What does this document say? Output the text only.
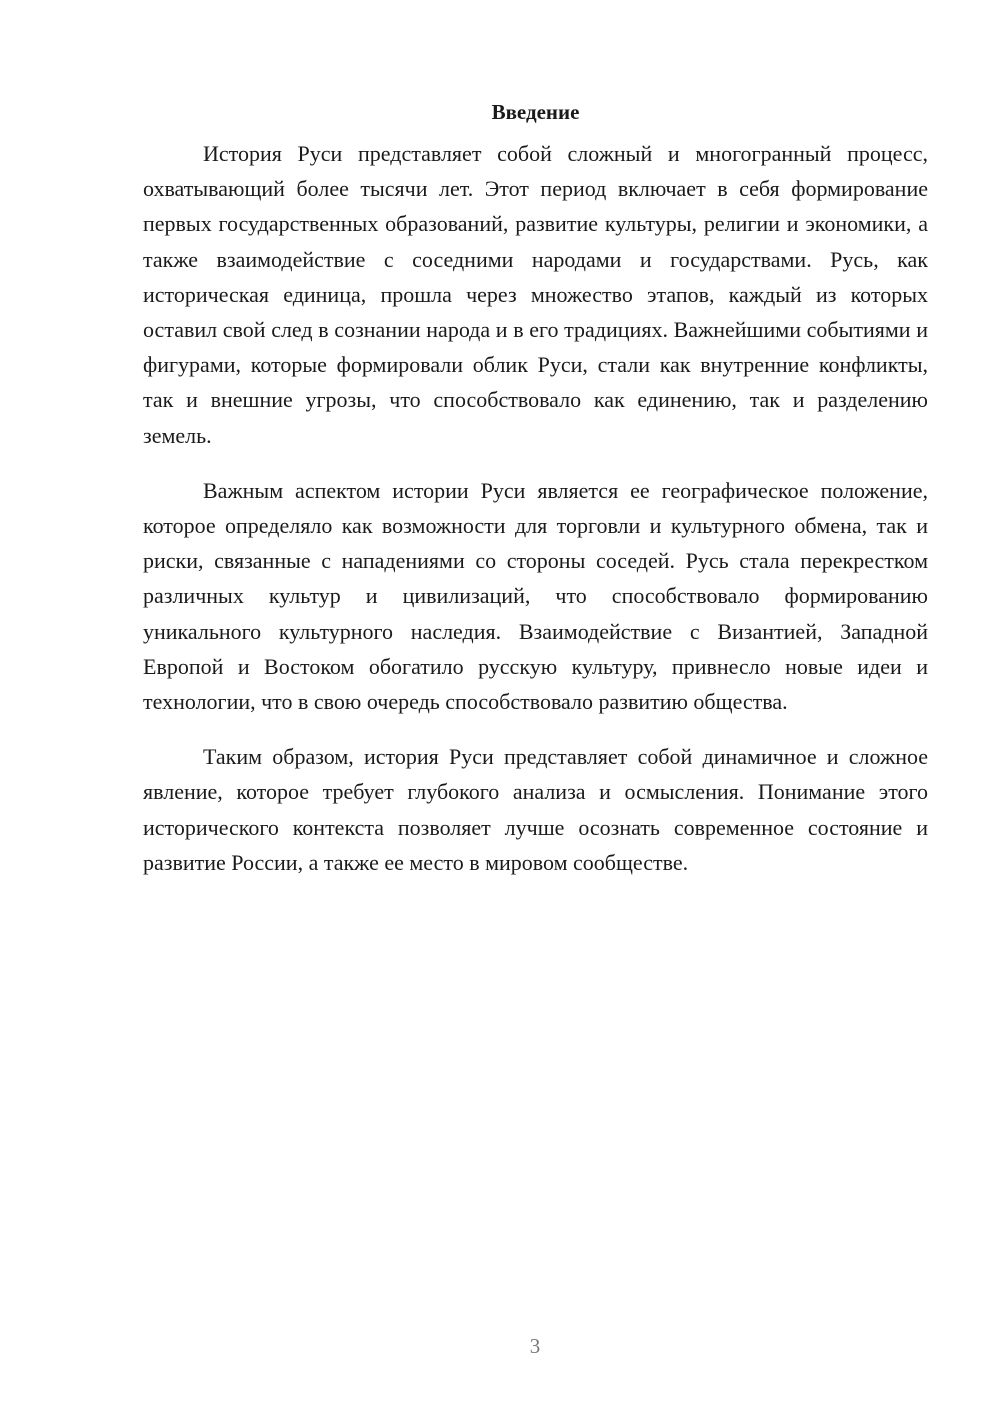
Введение

История Руси представляет собой сложный и многогранный процесс, охватывающий более тысячи лет. Этот период включает в себя формирование первых государственных образований, развитие культуры, религии и экономики, а также взаимодействие с соседними народами и государствами. Русь, как историческая единица, прошла через множество этапов, каждый из которых оставил свой след в сознании народа и в его традициях. Важнейшими событиями и фигурами, которые формировали облик Руси, стали как внутренние конфликты, так и внешние угрозы, что способствовало как единению, так и разделению земель.

Важным аспектом истории Руси является ее географическое положение, которое определяло как возможности для торговли и культурного обмена, так и риски, связанные с нападениями со стороны соседей. Русь стала перекрестком различных культур и цивилизаций, что способствовало формированию уникального культурного наследия. Взаимодействие с Византией, Западной Европой и Востоком обогатило русскую культуру, привнесло новые идеи и технологии, что в свою очередь способствовало развитию общества.

Таким образом, история Руси представляет собой динамичное и сложное явление, которое требует глубокого анализа и осмысления. Понимание этого исторического контекста позволяет лучше осознать современное состояние и развитие России, а также ее место в мировом сообществе.

3
